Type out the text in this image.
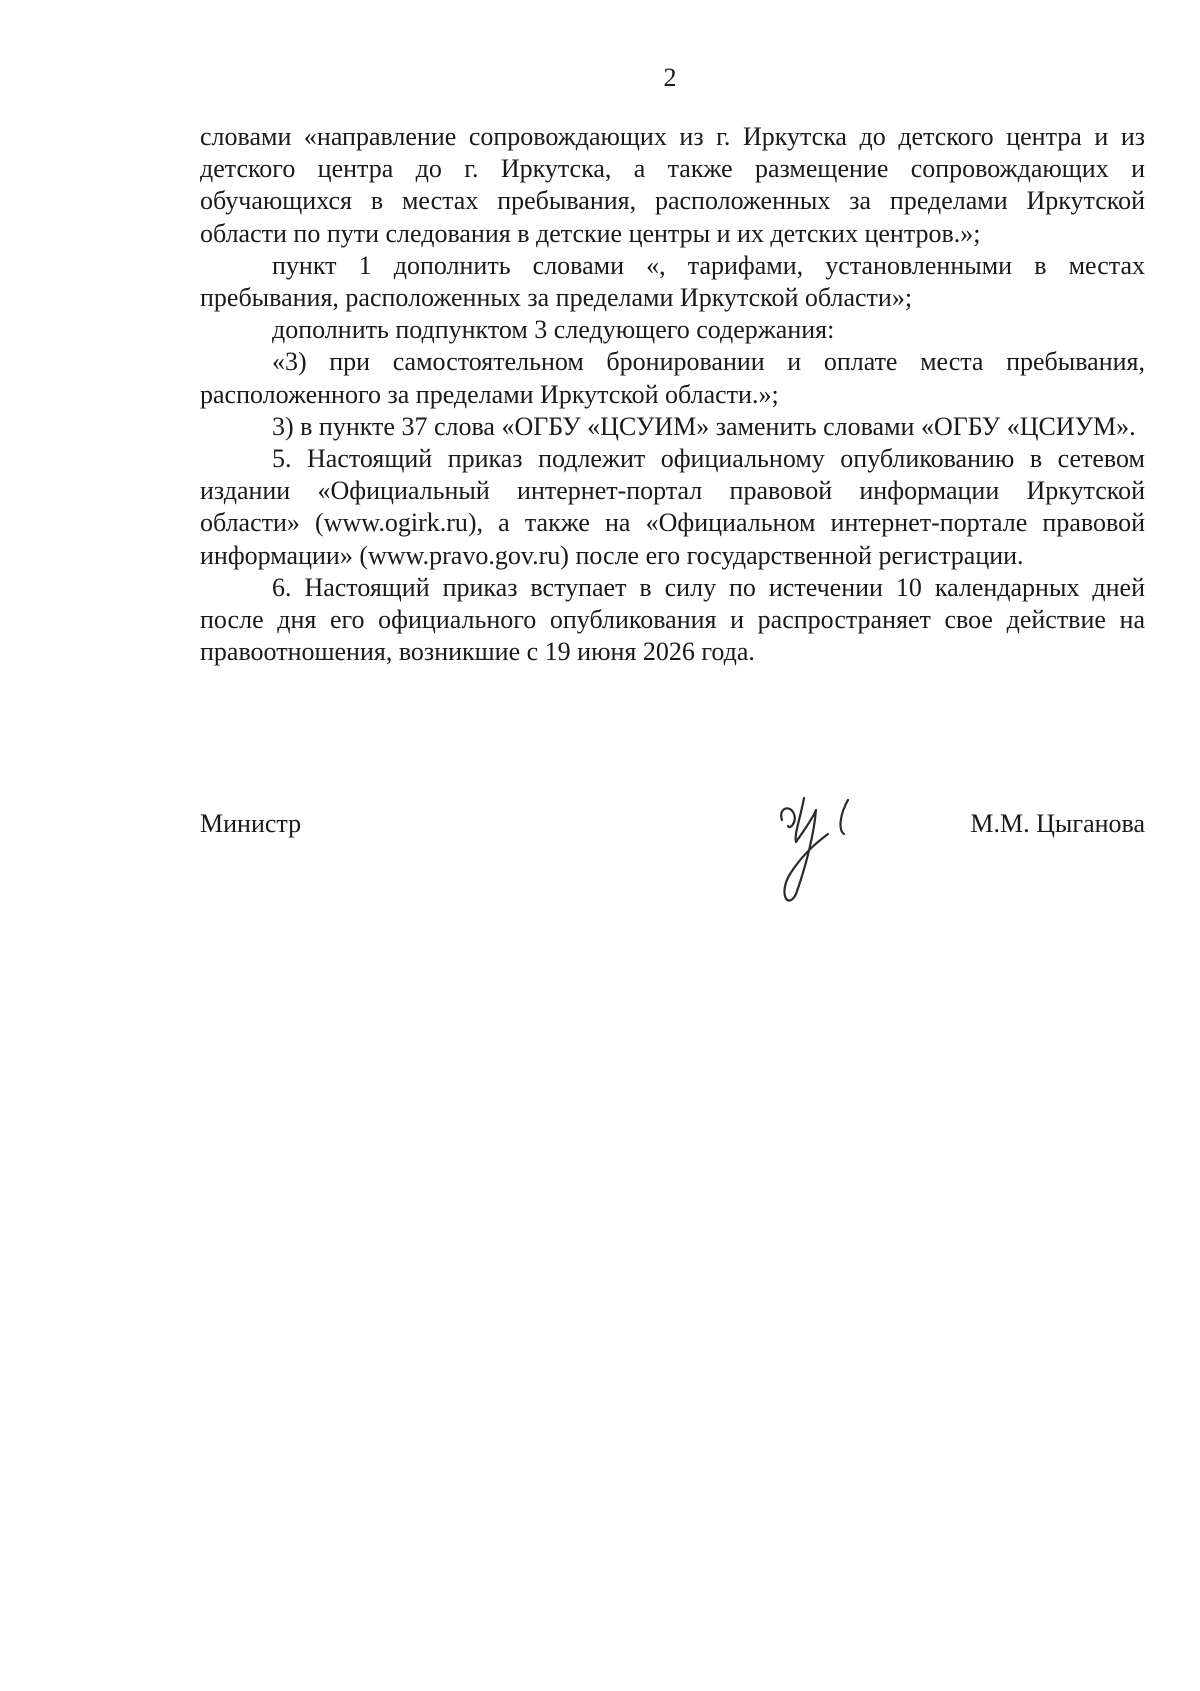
2

словами «направление сопровождающих из г. Иркутска до детского центра и из детского центра до г. Иркутска, а также размещение сопровождающих и обучающихся в местах пребывания, расположенных за пределами Иркутской области по пути следования в детские центры и их детских центров.»;

пункт 1 дополнить словами «, тарифами, установленными в местах пребывания, расположенных за пределами Иркутской области»;

дополнить подпунктом 3 следующего содержания:

«3) при самостоятельном бронировании и оплате места пребывания, расположенного за пределами Иркутской области.»;

3) в пункте 37 слова «ОГБУ «ЦСУИМ» заменить словами «ОГБУ «ЦСИУМ».

5. Настоящий приказ подлежит официальному опубликованию в сетевом издании «Официальный интернет-портал правовой информации Иркутской области» (www.ogirk.ru), а также на «Официальном интернет-портале правовой информации» (www.pravo.gov.ru) после его государственной регистрации.

6. Настоящий приказ вступает в силу по истечении 10 календарных дней после дня его официального опубликования и распространяет свое действие на правоотношения, возникшие с 19 июня 2026 года.

Министр	М.М. Цыганова
